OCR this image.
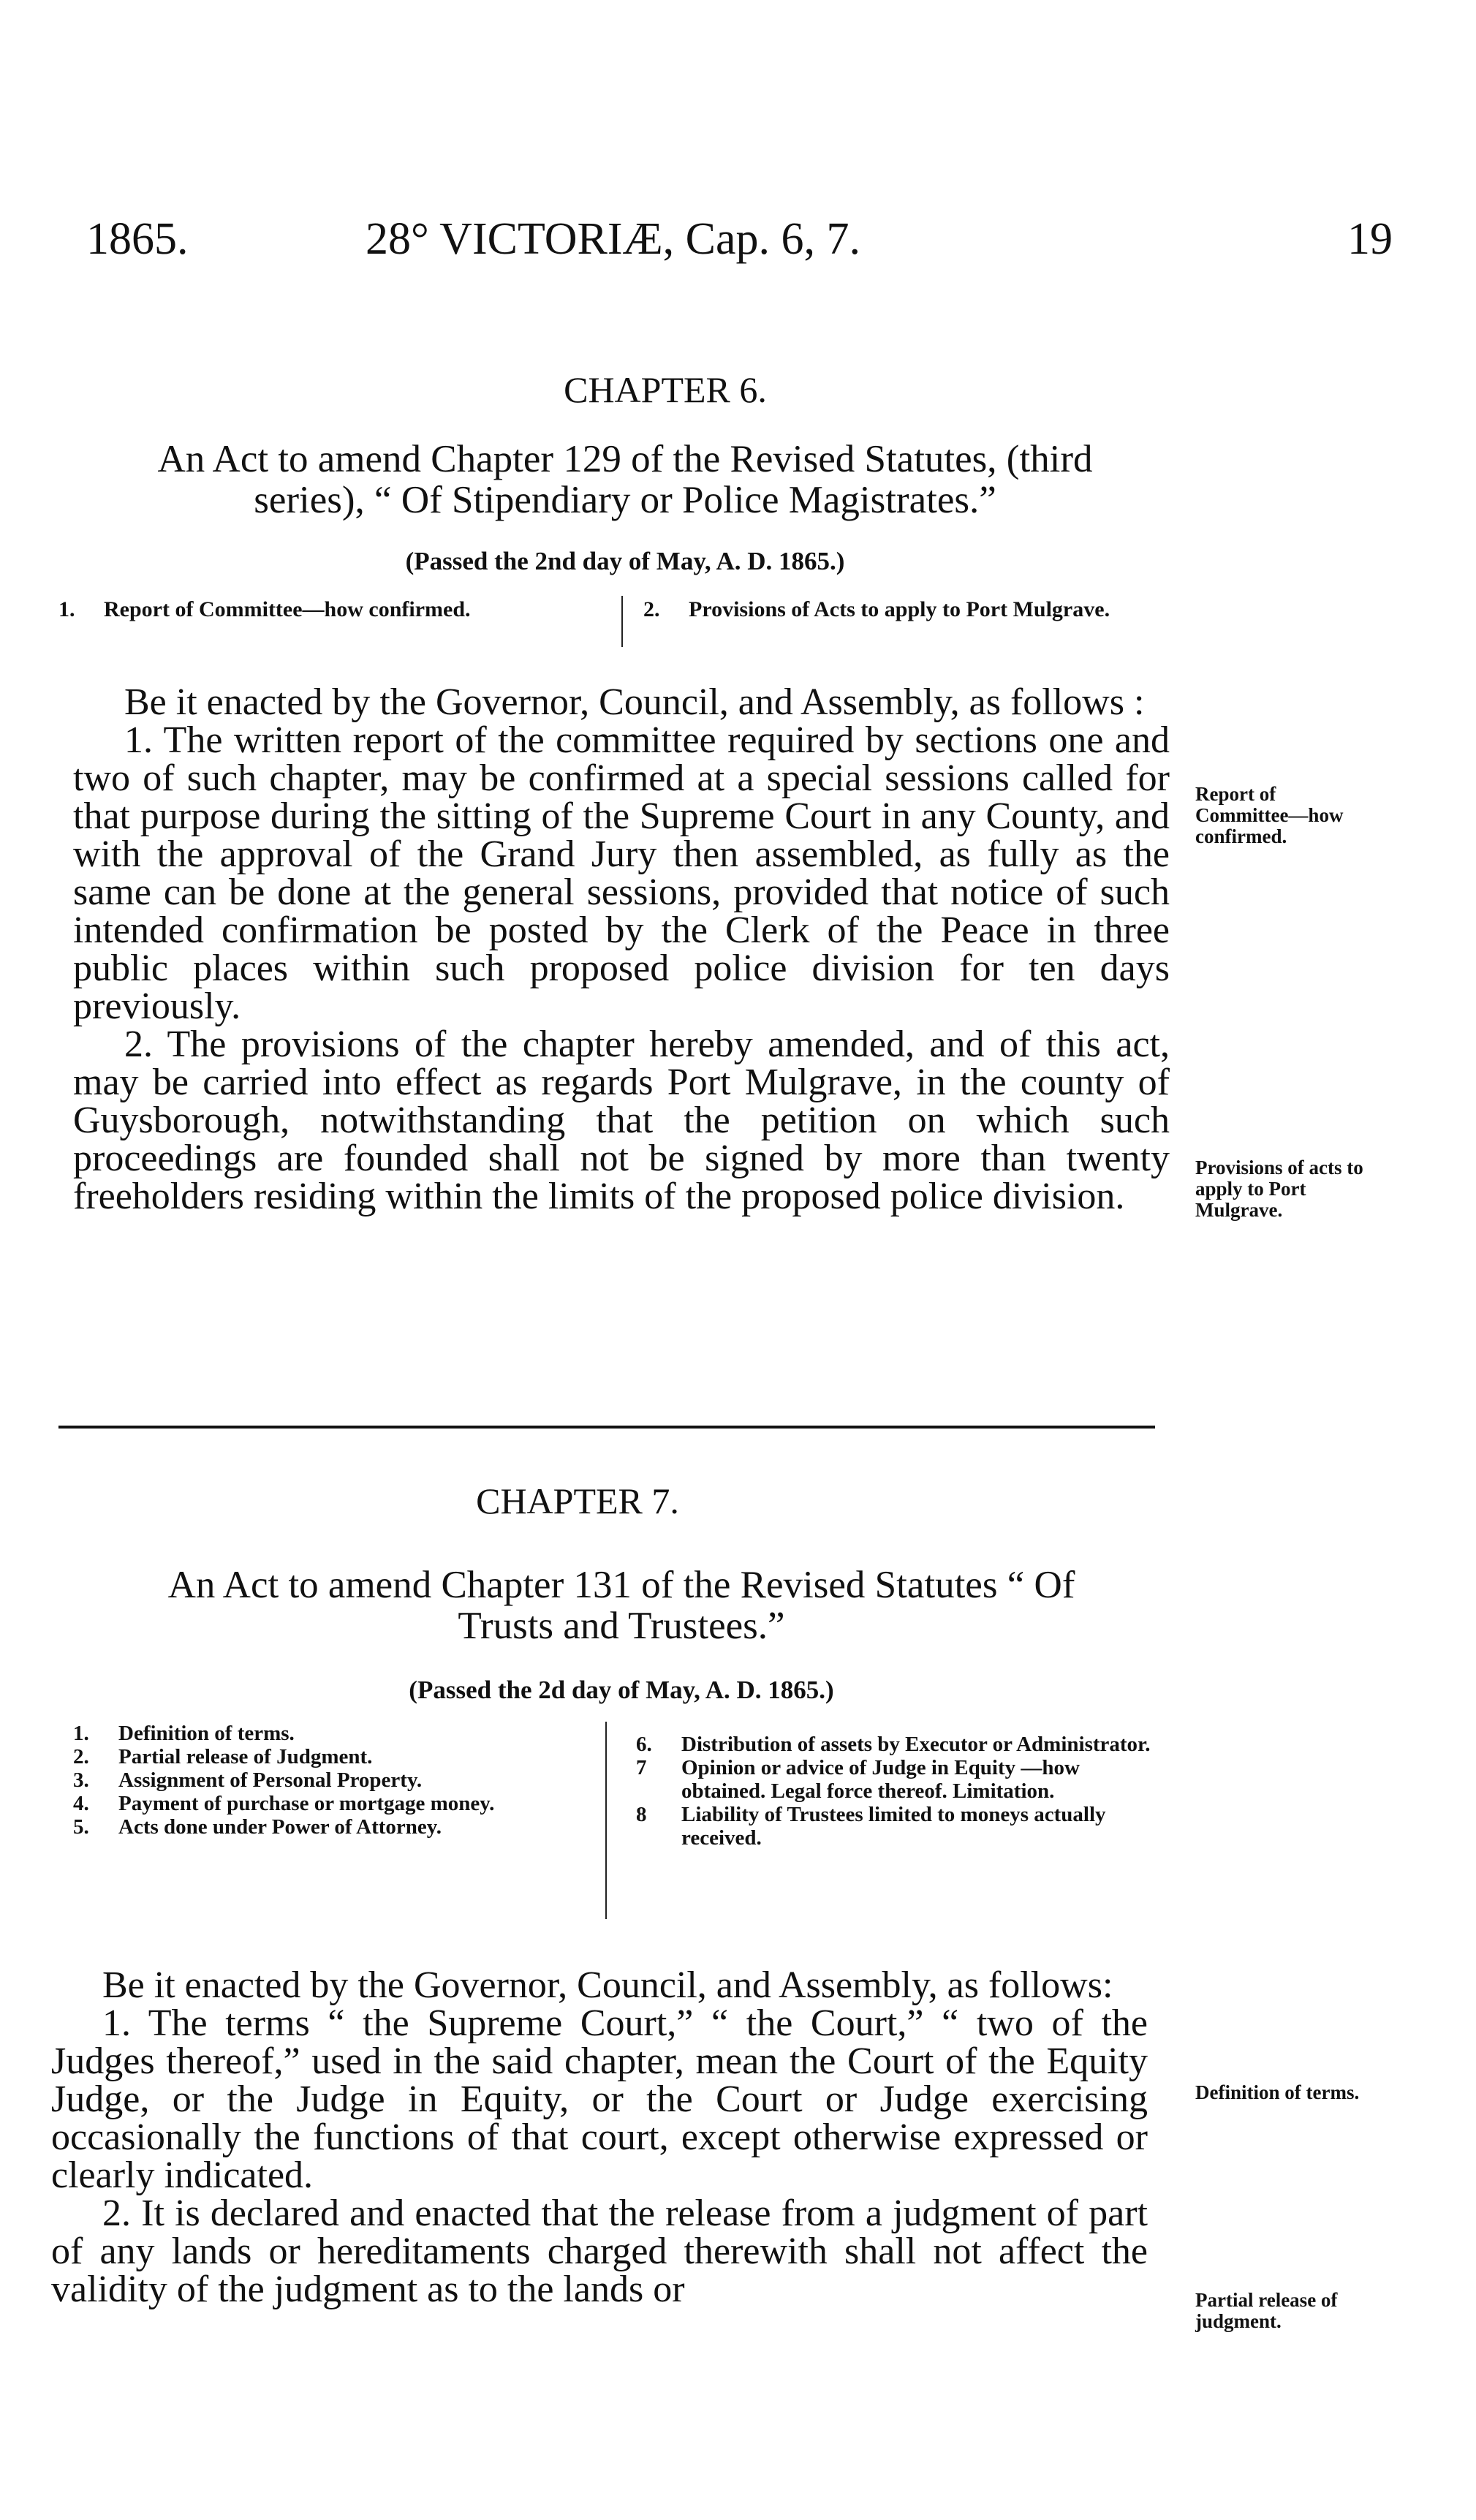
1865.	28° VICTORIÆ, Cap. 6, 7.	19
CHAPTER 6.
An Act to amend Chapter 129 of the Revised Statutes, (third
series), “ Of Stipendiary or Police Magistrates.”
(Passed the 2nd day of May, A. D. 1865.)
1.	Report of Committee—how confirmed.	2.	Provisions of Acts to apply to Port Mulgrave.

Be it enacted by the Governor, Council, and Assembly, as follows :

1. The written report of the committee required by sections one and two of such chapter, may be confirmed at a special sessions called for that purpose during the sitting of the Supreme Court in any County, and with the approval of the Grand Jury then assembled, as fully as the same can be done at the general sessions, provided that notice of such intended confirmation be posted by the Clerk of the Peace in three public places within such proposed police division for ten days previously.

2. The provisions of the chapter hereby amended, and of this act, may be carried into effect as regards Port Mulgrave, in the county of Guysborough, notwithstanding that the petition on which such proceedings are founded shall not be signed by more than twenty freeholders residing within the limits of the proposed police division.

Report of Committee—how confirmed.
Provisions of acts to apply to Port Mulgrave.
CHAPTER 7.
An Act to amend Chapter 131 of the Revised Statutes “ Of
Trusts and Trustees.”
(Passed the 2d day of May, A. D. 1865.)
1.	Definition of terms.
2.	Partial release of Judgment.
3.	Assignment of Personal Property.
4.	Payment of purchase or mortgage money.
5.	Acts done under Power of Attorney.
6.	Distribution of assets by Executor or Administrator.
7	Opinion or advice of Judge in Equity —how obtained. Legal force thereof. Limitation.
8	Liability of Trustees limited to moneys actually received.

Be it enacted by the Governor, Council, and Assembly, as follows:

1. The terms “ the Supreme Court,” “ the Court,” “ two of the Judges thereof,” used in the said chapter, mean the Court of the Equity Judge, or the Judge in Equity, or the Court or Judge exercising occasionally the functions of that court, except otherwise expressed or clearly indicated.

2. It is declared and enacted that the release from a judgment of part of any lands or hereditaments charged therewith shall not affect the validity of the judgment as to the lands or

Definition of terms.
Partial release of judgment.
